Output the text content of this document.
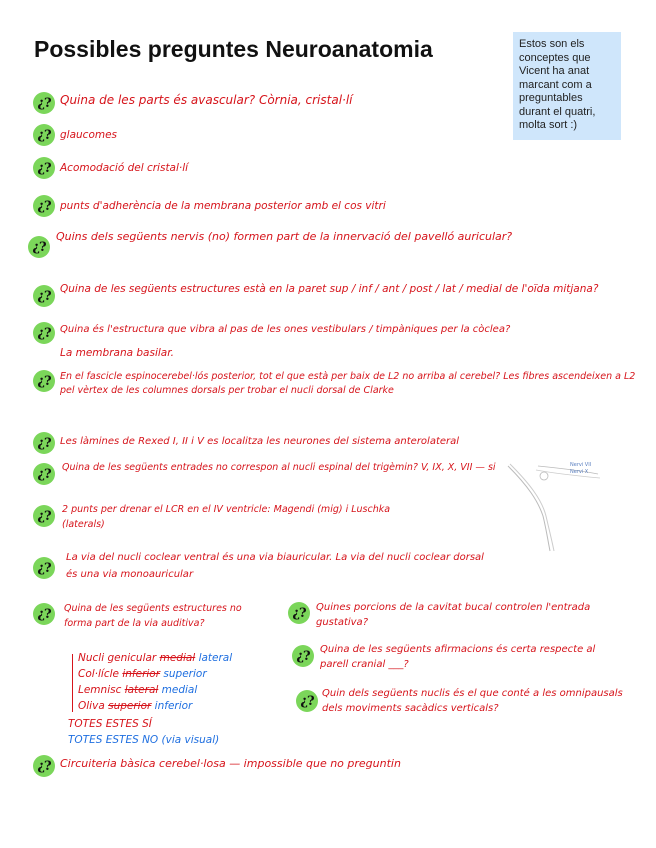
Possibles preguntes Neuroanatomia	Estos son els conceptes que Vicent ha anat marcant com a preguntables durant el quatri, molta sort :)
¿? Quina de les parts és avascular? Còrnia, cristal·lí
¿? glaucomes
¿? Acomodació del cristal·lí
¿? punts d'adherència de la membrana posterior amb el cos vitri
¿?
Quins dels següents nervis (no) formen part de la innervació del pavelló auricular?
¿? Quina de les següents estructures està en la paret sup / inf / ant / post / lat / medial de l'oïda mitjana?
¿? Quina és l'estructura que vibra al pas de les ones vestibulars / timpàniques per la còclea?
La membrana basilar.
¿? En el fascicle espinocerebel·lós posterior, tot el que està per baix de L2 no arriba al cerebel? Les fibres ascendeixen a L2 pel vèrtex de les columnes dorsals per trobar el nucli dorsal de Clarke
¿? Les làmines de Rexed I, II i V es localitza les neurones del sistema anterolateral
¿?	Quina de les següents entrades no correspon al nucli espinal del trigèmin? V, IX, X, VII — si	Nervi VII
Nervi X
¿?	2 punts per drenar el LCR en el IV ventricle: Magendi (mig) i Luschka (laterals)
¿?
La via del nucli coclear ventral és una via biauricular. La via del nucli coclear dorsal és una via monoauricular
¿?	Quina de les següents estructures no forma part de la via auditiva?
Nucli genicular medial lateral
Col·lícle inferior superior
Lemnisc lateral medial
Oliva superior inferior
TOTES ESTES SÍ
TOTES ESTES NO (via visual)
¿?	Quines porcions de la cavitat bucal controlen l'entrada gustativa?
¿?	Quina de les següents afirmacions és certa respecte al parell cranial ___?
¿? Quin dels següents nuclis és el que conté a les omnipausals dels moviments sacàdics verticals?
¿? Circuiteria bàsica cerebel·losa — impossible que no preguntin
